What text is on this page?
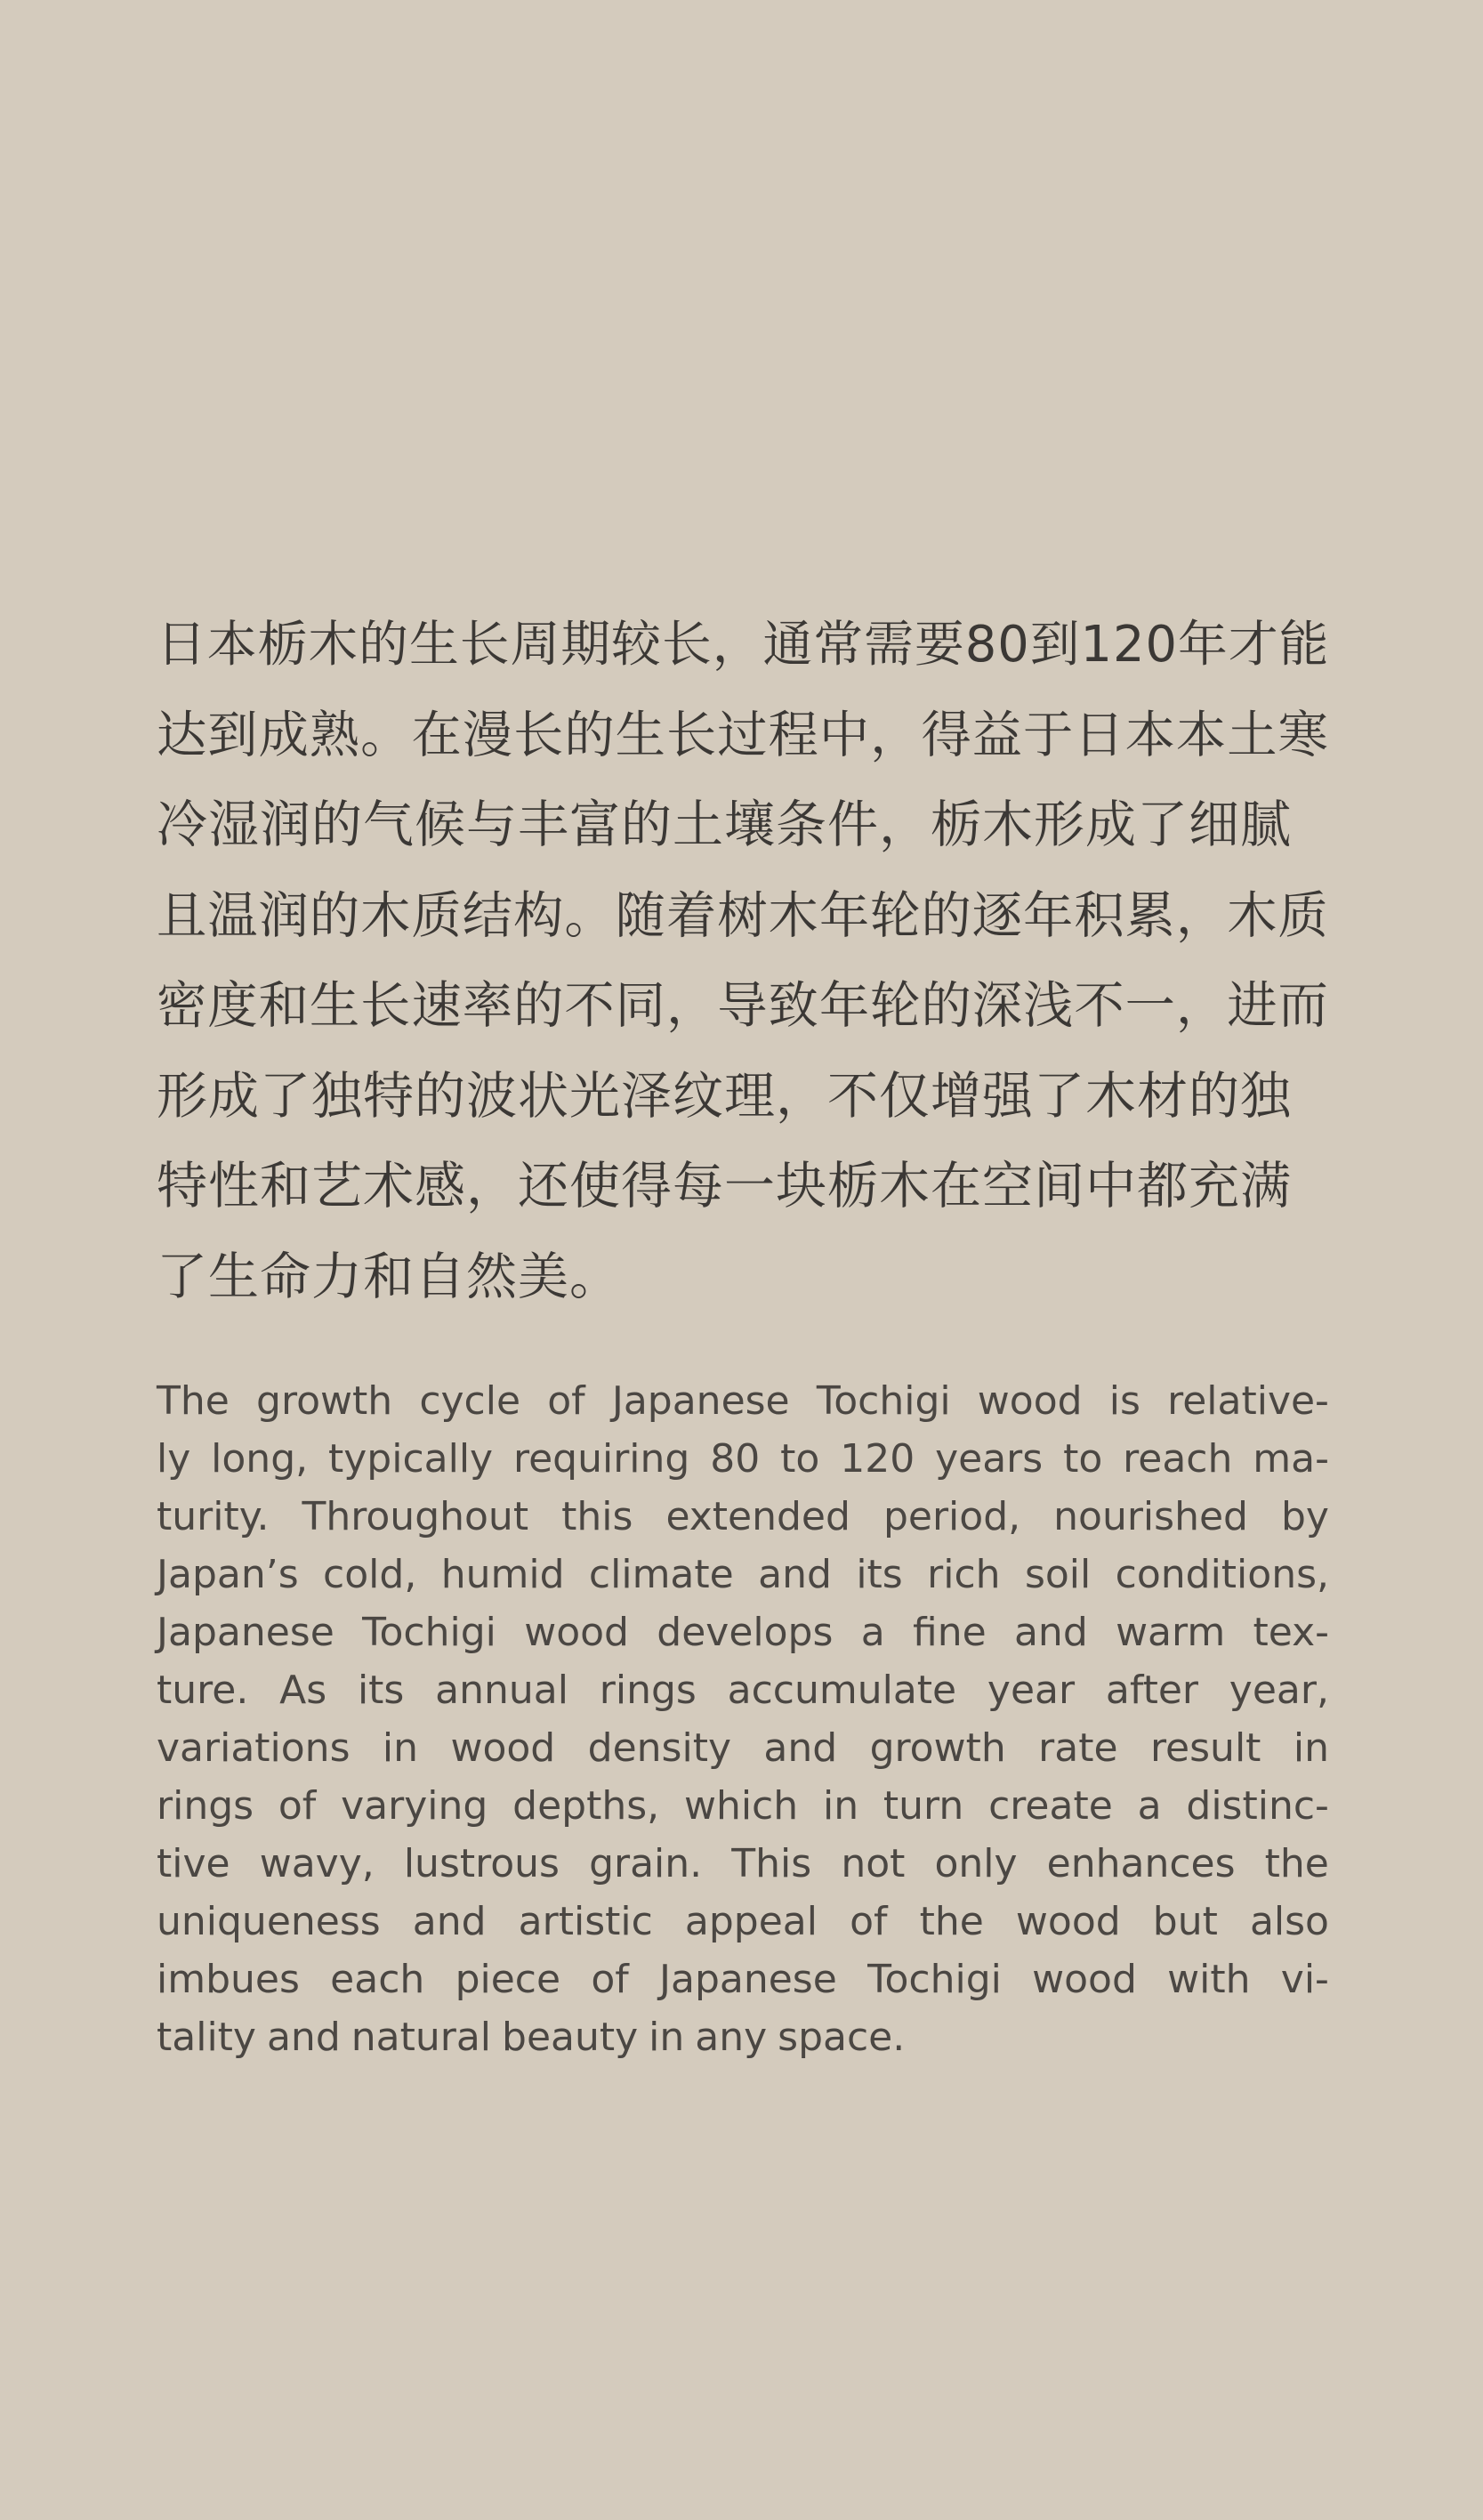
日本栃木的生长周期较长，通常需要80到120年才能
达到成熟。在漫长的生长过程中，得益于日本本土寒
冷湿润的气候与丰富的土壤条件，栃木形成了细腻
且温润的木质结构。随着树木年轮的逐年积累，木质
密度和生长速率的不同，导致年轮的深浅不一，进而
形成了独特的波状光泽纹理，不仅增强了木材的独
特性和艺术感，还使得每一块栃木在空间中都充满
了生命力和自然美。
The growth cycle of Japanese Tochigi wood is relative-
ly long, typically requiring 80 to 120 years to reach ma-
turity. Throughout this extended period, nourished by
Japan’s cold, humid climate and its rich soil conditions,
Japanese Tochigi wood develops a fine and warm tex-
ture. As its annual rings accumulate year after year,
variations in wood density and growth rate result in
rings of varying depths, which in turn create a distinc-
tive wavy, lustrous grain. This not only enhances the
uniqueness and artistic appeal of the wood but also
imbues each piece of Japanese Tochigi wood with vi-
tality and natural beauty in any space.
